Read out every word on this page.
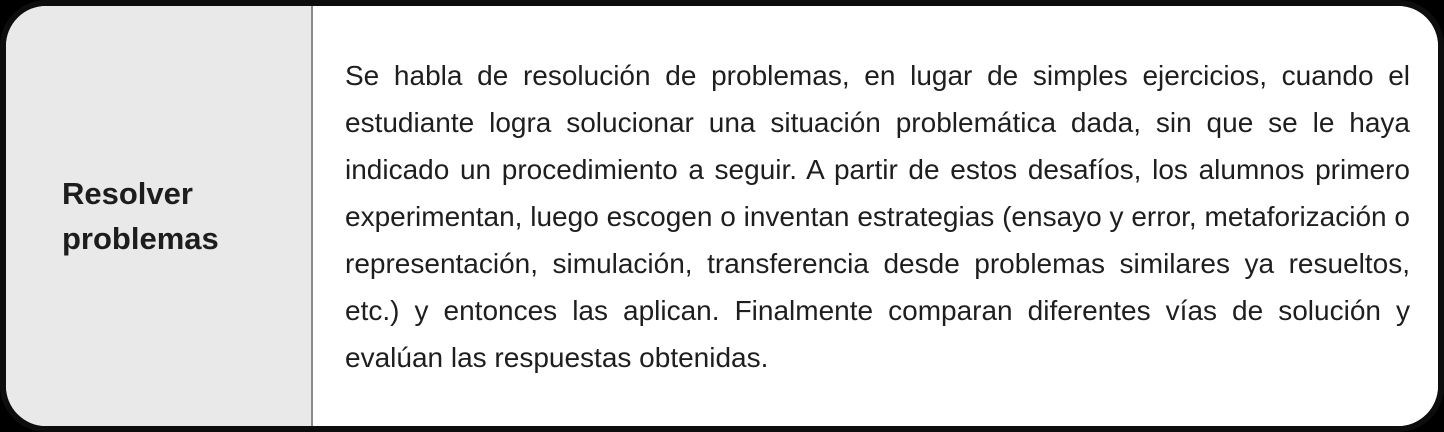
Resolver problemas

Se habla de resolución de problemas, en lugar de simples ejercicios, cuando el estudiante logra solucionar una situación problemática dada, sin que se le haya indicado un procedimiento a seguir. A partir de estos desafíos, los alumnos primero experimentan, luego escogen o inventan estrategias (ensayo y error, metaforización o representación, simulación, transferencia desde problemas similares ya resueltos, etc.) y entonces las aplican. Finalmente comparan diferentes vías de solución y evalúan las respuestas obtenidas.
